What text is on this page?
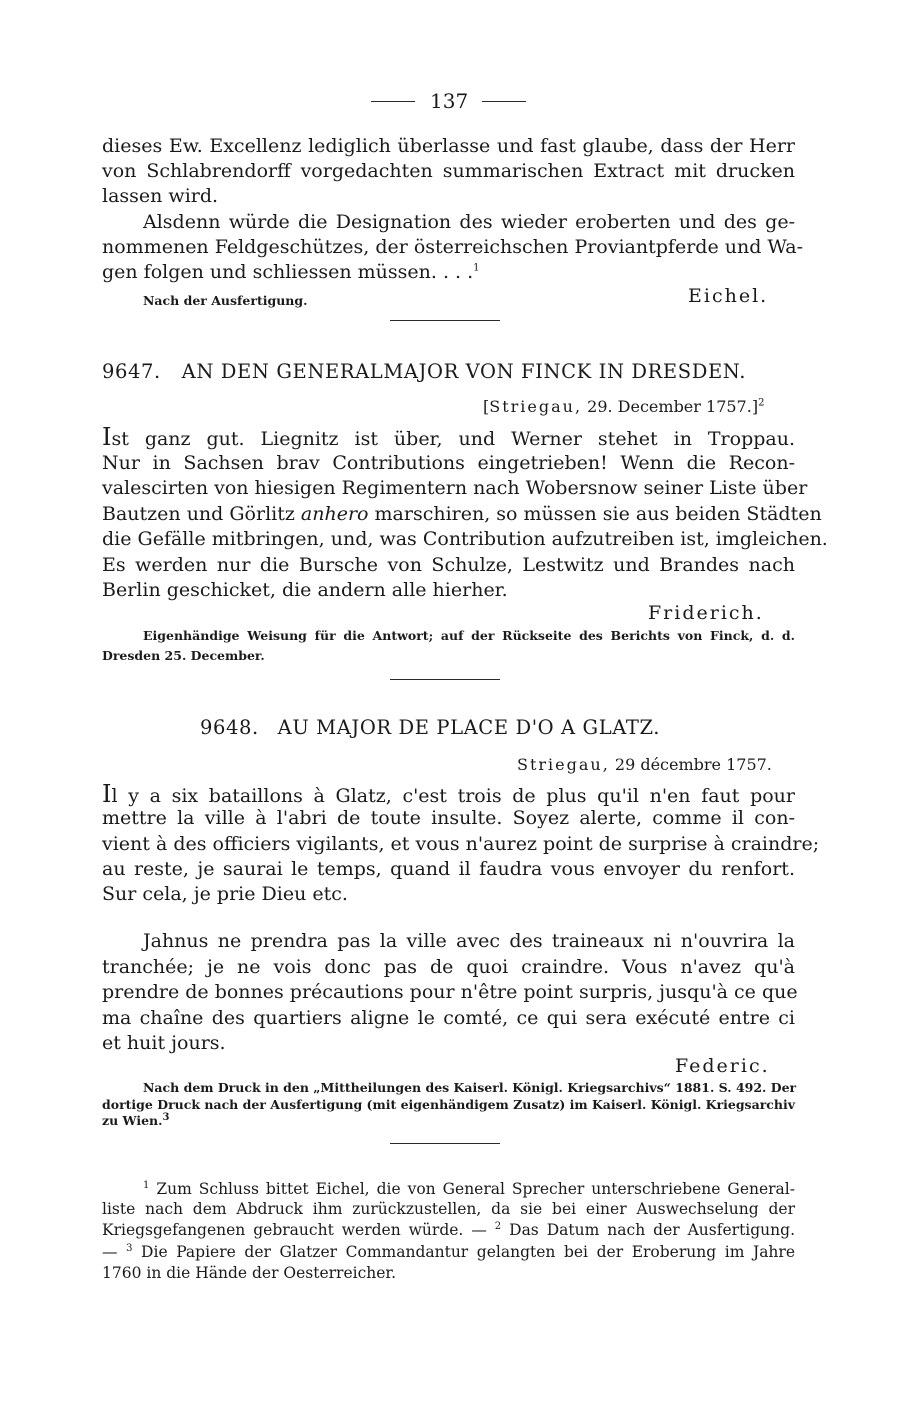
137
dieses Ew. Excellenz lediglich überlasse und fast glaube, dass der Herr
von Schlabrendorff vorgedachten summarischen Extract mit drucken
lassen wird.
Alsdenn würde die Designation des wieder eroberten und des ge-
nommenen Feldgeschützes, der österreichschen Proviantpferde und Wa-
gen folgen und schliessen müssen. . . .$^1$
Nach der Ausfertigung.	Eichel.
9647. AN DEN GENERALMAJOR VON FINCK IN DRESDEN.
[Striegau, 29. December 1757.]$^2$
Ist ganz gut. Liegnitz ist über, und Werner stehet in Troppau.
Nur in Sachsen brav Contributions eingetrieben! Wenn die Recon-
valescirten von hiesigen Regimentern nach Wobersnow seiner Liste über
Bautzen und Görlitz anhero marschiren, so müssen sie aus beiden Städten
die Gefälle mitbringen, und, was Contribution aufzutreiben ist, imgleichen.
Es werden nur die Bursche von Schulze, Lestwitz und Brandes nach
Berlin geschicket, die andern alle hierher.
Friderich.
Eigenhändige Weisung für die Antwort; auf der Rückseite des Berichts von Finck, d. d.
Dresden 25. December.
9648. AU MAJOR DE PLACE D'O A GLATZ.
Striegau, 29 décembre 1757.
Il y a six bataillons à Glatz, c'est trois de plus qu'il n'en faut pour
mettre la ville à l'abri de toute insulte. Soyez alerte, comme il con-
vient à des officiers vigilants, et vous n'aurez point de surprise à craindre;
au reste, je saurai le temps, quand il faudra vous envoyer du renfort.
Sur cela, je prie Dieu etc.
Jahnus ne prendra pas la ville avec des traineaux ni n'ouvrira la
tranchée; je ne vois donc pas de quoi craindre. Vous n'avez qu'à
prendre de bonnes précautions pour n'être point surpris, jusqu'à ce que
ma chaîne des quartiers aligne le comté, ce qui sera exécuté entre ci
et huit jours.
Federic.
Nach dem Druck in den „Mittheilungen des Kaiserl. Königl. Kriegsarchivs“ 1881. S. 492. Der
dortige Druck nach der Ausfertigung (mit eigenhändigem Zusatz) im Kaiserl. Königl. Kriegsarchiv
zu Wien.$^3$
$^1$ Zum Schluss bittet Eichel, die von General Sprecher unterschriebene General-
liste nach dem Abdruck ihm zurückzustellen, da sie bei einer Auswechselung der
Kriegsgefangenen gebraucht werden würde. — $^2$ Das Datum nach der Ausfertigung.
— $^3$ Die Papiere der Glatzer Commandantur gelangten bei der Eroberung im Jahre
1760 in die Hände der Oesterreicher.
